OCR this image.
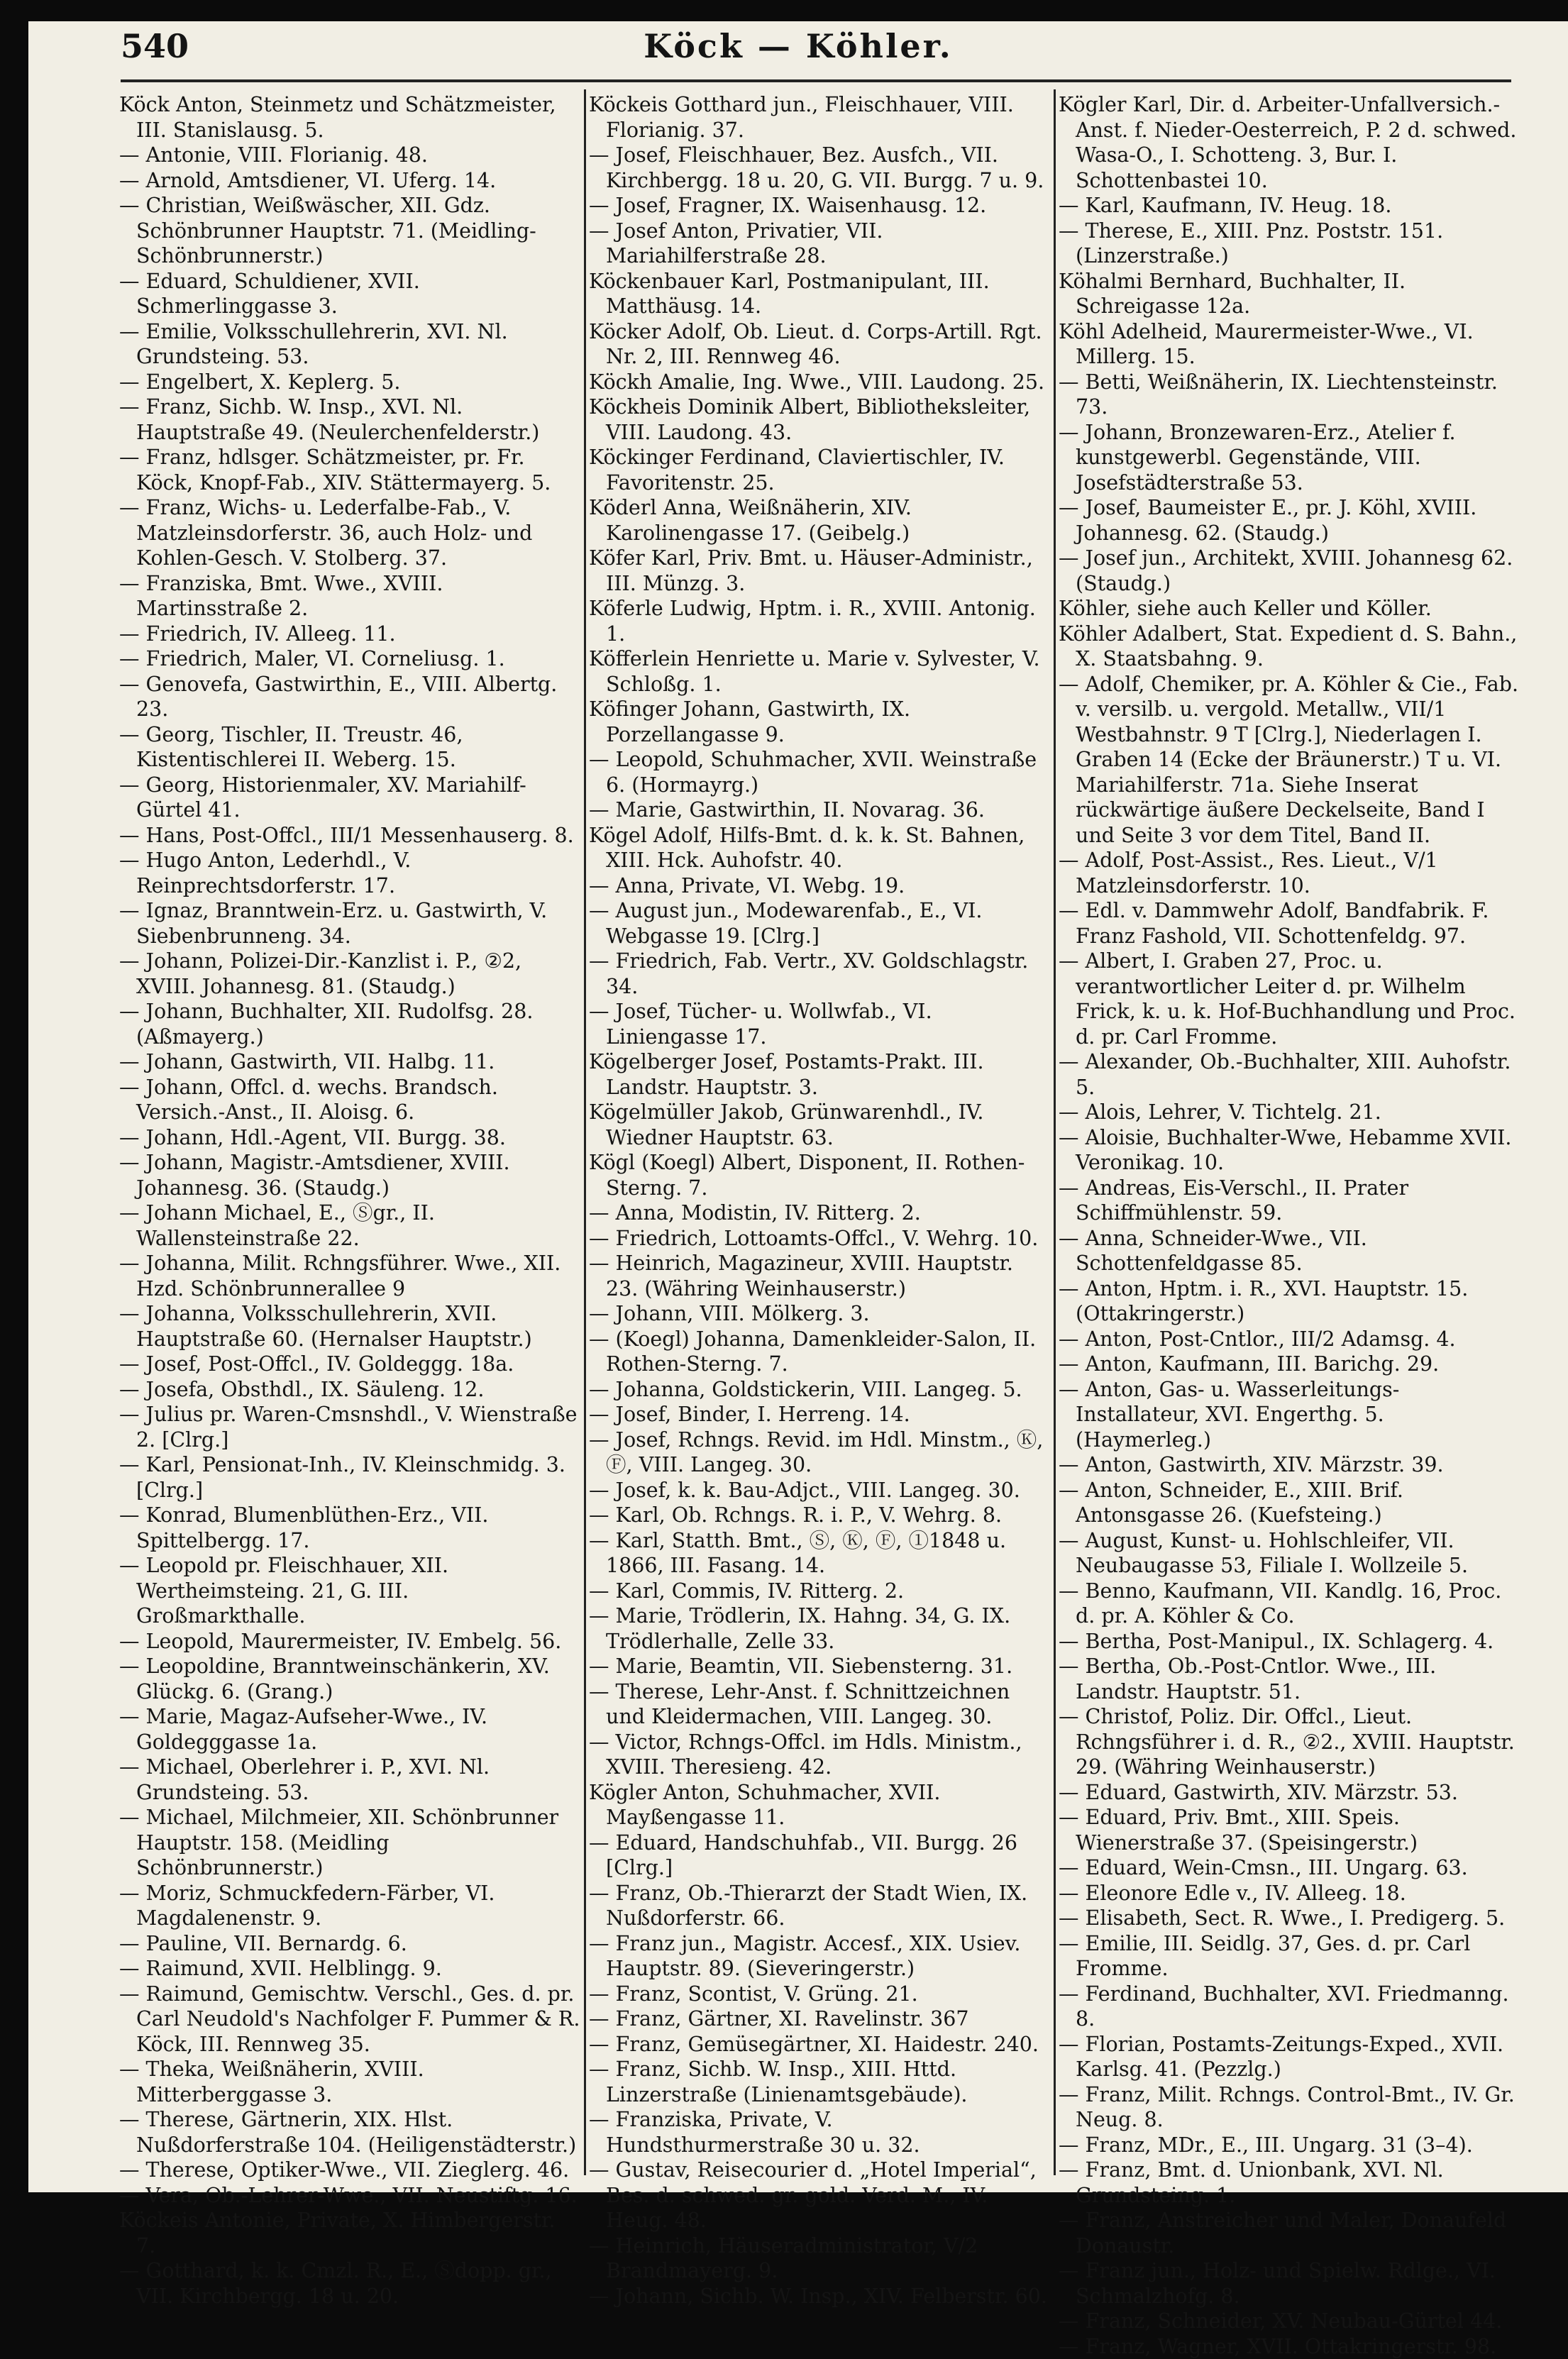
540	Köck — Köhler.

Köck Anton, Steinmetz und Schätzmeister, III. Stanislausg. 5.

— Antonie, VIII. Florianig. 48.

— Arnold, Amtsdiener, VI. Uferg. 14.

— Christian, Weißwäscher, XII. Gdz. Schönbrunner Hauptstr. 71. (Meidling-Schönbrunnerstr.)

— Eduard, Schuldiener, XVII. Schmerlinggasse 3.

— Emilie, Volksschullehrerin, XVI. Nl. Grundsteing. 53.

— Engelbert, X. Keplerg. 5.

— Franz, Sichb. W. Insp., XVI. Nl. Hauptstraße 49. (Neulerchenfelderstr.)

— Franz, hdlsger. Schätzmeister, pr. Fr. Köck, Knopf-Fab., XIV. Stättermayerg. 5.

— Franz, Wichs- u. Lederfalbe-Fab., V. Matzleinsdorferstr. 36, auch Holz- und Kohlen-Gesch. V. Stolberg. 37.

— Franziska, Bmt. Wwe., XVIII. Martinsstraße 2.

— Friedrich, IV. Alleeg. 11.

— Friedrich, Maler, VI. Corneliusg. 1.

— Genovefa, Gastwirthin, E., VIII. Albertg. 23.

— Georg, Tischler, II. Treustr. 46, Kistentischlerei II. Weberg. 15.

— Georg, Historienmaler, XV. Mariahilf-Gürtel 41.

— Hans, Post-Offcl., III/1 Messenhauserg. 8.

— Hugo Anton, Lederhdl., V. Reinprechtsdorferstr. 17.

— Ignaz, Branntwein-Erz. u. Gastwirth, V. Siebenbrunneng. 34.

— Johann, Polizei-Dir.-Kanzlist i. P., ②2, XVIII. Johannesg. 81. (Staudg.)

— Johann, Buchhalter, XII. Rudolfsg. 28. (Aßmayerg.)

— Johann, Gastwirth, VII. Halbg. 11.

— Johann, Offcl. d. wechs. Brandsch. Versich.-Anst., II. Aloisg. 6.

— Johann, Hdl.-Agent, VII. Burgg. 38.

— Johann, Magistr.-Amtsdiener, XVIII. Johannesg. 36. (Staudg.)

— Johann Michael, E., Ⓢgr., II. Wallensteinstraße 22.

— Johanna, Milit. Rchngsführer. Wwe., XII. Hzd. Schönbrunnerallee 9

— Johanna, Volksschullehrerin, XVII. Hauptstraße 60. (Hernalser Hauptstr.)

— Josef, Post-Offcl., IV. Goldeggg. 18a.

— Josefa, Obsthdl., IX. Säuleng. 12.

— Julius pr. Waren-Cmsnshdl., V. Wienstraße 2. [Clrg.]

— Karl, Pensionat-Inh., IV. Kleinschmidg. 3. [Clrg.]

— Konrad, Blumenblüthen-Erz., VII. Spittelbergg. 17.

— Leopold pr. Fleischhauer, XII. Wertheimsteing. 21, G. III. Großmarkthalle.

— Leopold, Maurermeister, IV. Embelg. 56.

— Leopoldine, Branntweinschänkerin, XV. Glückg. 6. (Grang.)

— Marie, Magaz-Aufseher-Wwe., IV. Goldegggasse 1a.

— Michael, Oberlehrer i. P., XVI. Nl. Grundsteing. 53.

— Michael, Milchmeier, XII. Schönbrunner Hauptstr. 158. (Meidling Schönbrunnerstr.)

— Moriz, Schmuckfedern-Färber, VI. Magdalenenstr. 9.

— Pauline, VII. Bernardg. 6.

— Raimund, XVII. Helblingg. 9.

— Raimund, Gemischtw. Verschl., Ges. d. pr. Carl Neudold's Nachfolger F. Pummer & R. Köck, III. Rennweg 35.

— Theka, Weißnäherin, XVIII. Mitterberggasse 3.

— Therese, Gärtnerin, XIX. Hlst. Nußdorferstraße 104. (Heiligenstädterstr.)

— Therese, Optiker-Wwe., VII. Zieglerg. 46.

— Vera, Ob.-Lehrer-Wwe., VII. Neustiftg. 16.

Köckeis Antonie, Private, X. Himbergerstr. 7.

— Gotthard, k. k. Cmzl. R., E., Ⓢdopp. gr., VII. Kirchbergg. 18 u. 20.

Köckeis Gotthard jun., Fleischhauer, VIII. Florianig. 37.

— Josef, Fleischhauer, Bez. Ausfch., VII. Kirchbergg. 18 u. 20, G. VII. Burgg. 7 u. 9.

— Josef, Fragner, IX. Waisenhausg. 12.

— Josef Anton, Privatier, VII. Mariahilferstraße 28.

Köckenbauer Karl, Postmanipulant, III. Matthäusg. 14.

Köcker Adolf, Ob. Lieut. d. Corps-Artill. Rgt. Nr. 2, III. Rennweg 46.

Köckh Amalie, Ing. Wwe., VIII. Laudong. 25.

Köckheis Dominik Albert, Bibliotheksleiter, VIII. Laudong. 43.

Köckinger Ferdinand, Claviertischler, IV. Favoritenstr. 25.

Köderl Anna, Weißnäherin, XIV. Karolinengasse 17. (Geibelg.)

Köfer Karl, Priv. Bmt. u. Häuser-Administr., III. Münzg. 3.

Köferle Ludwig, Hptm. i. R., XVIII. Antonig. 1.

Köfferlein Henriette u. Marie v. Sylvester, V. Schloßg. 1.

Köfinger Johann, Gastwirth, IX. Porzellangasse 9.

— Leopold, Schuhmacher, XVII. Weinstraße 6. (Hormayrg.)

— Marie, Gastwirthin, II. Novarag. 36.

Kögel Adolf, Hilfs-Bmt. d. k. k. St. Bahnen, XIII. Hck. Auhofstr. 40.

— Anna, Private, VI. Webg. 19.

— August jun., Modewarenfab., E., VI. Webgasse 19. [Clrg.]

— Friedrich, Fab. Vertr., XV. Goldschlagstr. 34.

— Josef, Tücher- u. Wollwfab., VI. Liniengasse 17.

Kögelberger Josef, Postamts-Prakt. III. Landstr. Hauptstr. 3.

Kögelmüller Jakob, Grünwarenhdl., IV. Wiedner Hauptstr. 63.

Kögl (Koegl) Albert, Disponent, II. Rothen-Sterng. 7.

— Anna, Modistin, IV. Ritterg. 2.

— Friedrich, Lottoamts-Offcl., V. Wehrg. 10.

— Heinrich, Magazineur, XVIII. Hauptstr. 23. (Währing Weinhauserstr.)

— Johann, VIII. Mölkerg. 3.

— (Koegl) Johanna, Damenkleider-Salon, II. Rothen-Sterng. 7.

— Johanna, Goldstickerin, VIII. Langeg. 5.

— Josef, Binder, I. Herreng. 14.

— Josef, Rchngs. Revid. im Hdl. Minstm., Ⓚ, Ⓕ, VIII. Langeg. 30.

— Josef, k. k. Bau-Adjct., VIII. Langeg. 30.

— Karl, Ob. Rchngs. R. i. P., V. Wehrg. 8.

— Karl, Statth. Bmt., Ⓢ, Ⓚ, Ⓕ, ①1848 u. 1866, III. Fasang. 14.

— Karl, Commis, IV. Ritterg. 2.

— Marie, Trödlerin, IX. Hahng. 34, G. IX. Trödlerhalle, Zelle 33.

— Marie, Beamtin, VII. Siebensterng. 31.

— Therese, Lehr-Anst. f. Schnittzeichnen und Kleidermachen, VIII. Langeg. 30.

— Victor, Rchngs-Offcl. im Hdls. Ministm., XVIII. Theresieng. 42.

Kögler Anton, Schuhmacher, XVII. Mayßengasse 11.

— Eduard, Handschuhfab., VII. Burgg. 26 [Clrg.]

— Franz, Ob.-Thierarzt der Stadt Wien, IX. Nußdorferstr. 66.

— Franz jun., Magistr. Accesf., XIX. Usiev. Hauptstr. 89. (Sieveringerstr.)

— Franz, Scontist, V. Grüng. 21.

— Franz, Gärtner, XI. Ravelinstr. 367

— Franz, Gemüsegärtner, XI. Haidestr. 240.

— Franz, Sichb. W. Insp., XIII. Httd. Linzerstraße (Linienamtsgebäude).

— Franziska, Private, V. Hundsthurmerstraße 30 u. 32.

— Gustav, Reisecourier d. „Hotel Imperial“, Bes. d. schwed. gr. gold. Verd. M., IV. Heug. 48.

— Heinrich, Häuseradministrator, V/2 Brandmayerg. 9.

— Johann, Sichb. W. Insp., XIV. Felberstr. 60.

Kögler Karl, Dir. d. Arbeiter-Unfallversich.-Anst. f. Nieder-Oesterreich, P. 2 d. schwed. Wasa-O., I. Schotteng. 3, Bur. I. Schottenbastei 10.

— Karl, Kaufmann, IV. Heug. 18.

— Therese, E., XIII. Pnz. Poststr. 151. (Linzerstraße.)

Köhalmi Bernhard, Buchhalter, II. Schreigasse 12a.

Köhl Adelheid, Maurermeister-Wwe., VI. Millerg. 15.

— Betti, Weißnäherin, IX. Liechtensteinstr. 73.

— Johann, Bronzewaren-Erz., Atelier f. kunstgewerbl. Gegenstände, VIII. Josefstädterstraße 53.

— Josef, Baumeister E., pr. J. Köhl, XVIII. Johannesg. 62. (Staudg.)

— Josef jun., Architekt, XVIII. Johannesg 62. (Staudg.)

Köhler, siehe auch Keller und Köller.

Köhler Adalbert, Stat. Expedient d. S. Bahn., X. Staatsbahng. 9.

— Adolf, Chemiker, pr. A. Köhler & Cie., Fab. v. versilb. u. vergold. Metallw., VII/1 Westbahnstr. 9 T [Clrg.], Niederlagen I. Graben 14 (Ecke der Bräunerstr.) T u. VI. Mariahilferstr. 71a. Siehe Inserat rückwärtige äußere Deckelseite, Band I und Seite 3 vor dem Titel, Band II.

— Adolf, Post-Assist., Res. Lieut., V/1 Matzleinsdorferstr. 10.

— Edl. v. Dammwehr Adolf, Bandfabrik. F. Franz Fashold, VII. Schottenfeldg. 97.

— Albert, I. Graben 27, Proc. u. verantwortlicher Leiter d. pr. Wilhelm Frick, k. u. k. Hof-Buchhandlung und Proc. d. pr. Carl Fromme.

— Alexander, Ob.-Buchhalter, XIII. Auhofstr. 5.

— Alois, Lehrer, V. Tichtelg. 21.

— Aloisie, Buchhalter-Wwe, Hebamme XVII. Veronikag. 10.

— Andreas, Eis-Verschl., II. Prater Schiffmühlenstr. 59.

— Anna, Schneider-Wwe., VII. Schottenfeldgasse 85.

— Anton, Hptm. i. R., XVI. Hauptstr. 15. (Ottakringerstr.)

— Anton, Post-Cntlor., III/2 Adamsg. 4.

— Anton, Kaufmann, III. Barichg. 29.

— Anton, Gas- u. Wasserleitungs-Installateur, XVI. Engerthg. 5. (Haymerleg.)

— Anton, Gastwirth, XIV. Märzstr. 39.

— Anton, Schneider, E., XIII. Brif. Antonsgasse 26. (Kuefsteing.)

— August, Kunst- u. Hohlschleifer, VII. Neubaugasse 53, Filiale I. Wollzeile 5.

— Benno, Kaufmann, VII. Kandlg. 16, Proc. d. pr. A. Köhler & Co.

— Bertha, Post-Manipul., IX. Schlagerg. 4.

— Bertha, Ob.-Post-Cntlor. Wwe., III. Landstr. Hauptstr. 51.

— Christof, Poliz. Dir. Offcl., Lieut. Rchngsführer i. d. R., ②2., XVIII. Hauptstr. 29. (Währing Weinhauserstr.)

— Eduard, Gastwirth, XIV. Märzstr. 53.

— Eduard, Priv. Bmt., XIII. Speis. Wienerstraße 37. (Speisingerstr.)

— Eduard, Wein-Cmsn., III. Ungarg. 63.

— Eleonore Edle v., IV. Alleeg. 18.

— Elisabeth, Sect. R. Wwe., I. Predigerg. 5.

— Emilie, III. Seidlg. 37, Ges. d. pr. Carl Fromme.

— Ferdinand, Buchhalter, XVI. Friedmanng. 8.

— Florian, Postamts-Zeitungs-Exped., XVII. Karlsg. 41. (Pezzlg.)

— Franz, Milit. Rchngs. Control-Bmt., IV. Gr. Neug. 8.

— Franz, MDr., E., III. Ungarg. 31 (3–4).

— Franz, Bmt. d. Unionbank, XVI. Nl. Grundsteing. 1.

— Franz, Anstreicher und Maler, Donaufeld Donaustr.

— Franz jun., Holz- und Spielw. Rdlge., VI. Schmalzhofg. 8.

— Franz, Schneider, XV. Neubau-Gürtel 44.

— Franz, Wagner, XVII. Ottakringerstr. 98.
